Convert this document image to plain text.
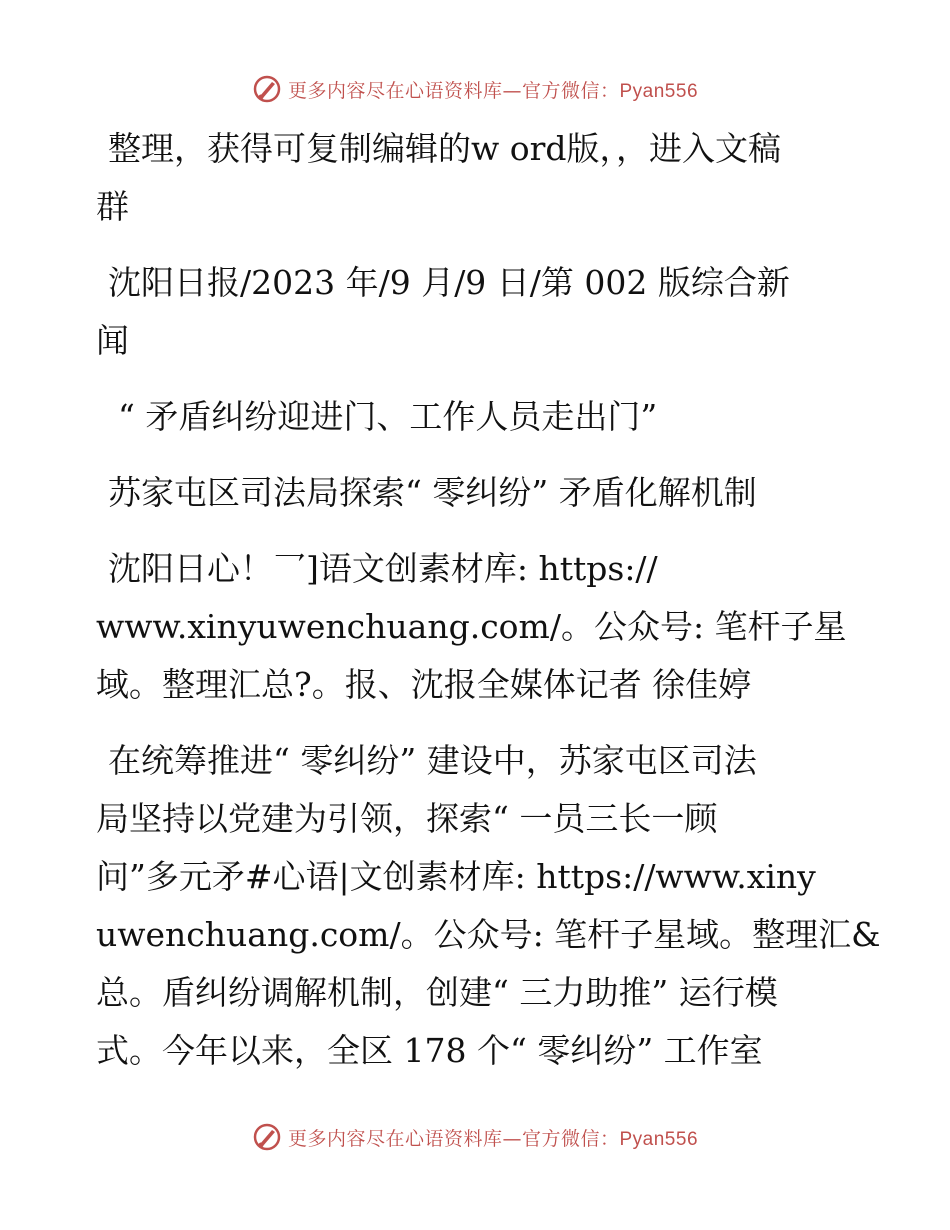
更多内容尽在心语资料库—官方微信：Pyan556

整理，获得可复制编辑的w ord版，，进入文稿
群

沈阳日报/2023 年/9 月/9 日/第 002 版综合新
闻

“ 矛盾纠纷迎进门、工作人员走出门”

苏家屯区司法局探索“ 零纠纷” 矛盾化解机制

沈阳日心！乛]语文创素材库: https://
www.xinyuwenchuang.com/。公众号: 笔杆子星
域。整理汇总?。报、沈报全媒体记者 徐佳婷

在统筹推进“ 零纠纷” 建设中，苏家屯区司法
局坚持以党建为引领，探索“ 一员三长一顾
问”多元矛#心语|文创素材库: https://www.xiny
uwenchuang.com/。公众号: 笔杆子星域。整理汇&
总。盾纠纷调解机制，创建“ 三力助推” 运行模
式。今年以来，全区 178 个“ 零纠纷” 工作室

更多内容尽在心语资料库—官方微信：Pyan556
